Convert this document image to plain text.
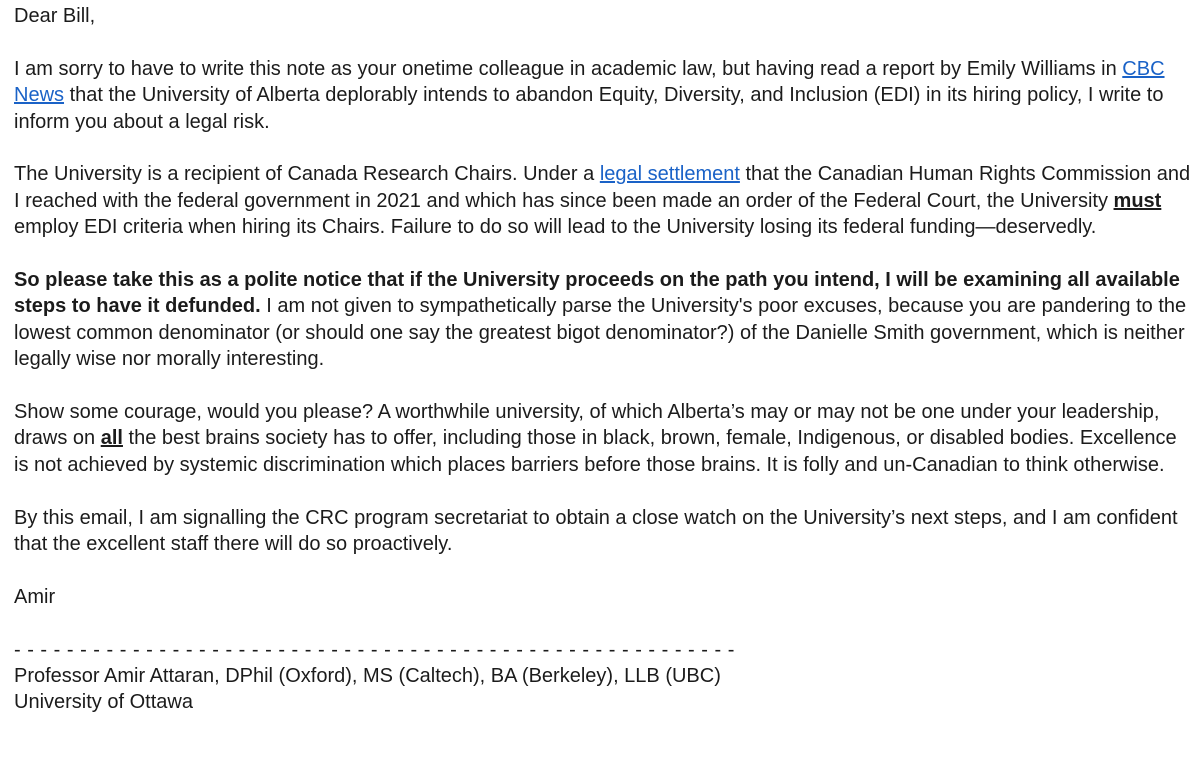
Dear Bill,

I am sorry to have to write this note as your onetime colleague in academic law, but having read a report by Emily Williams in CBC News that the University of Alberta deplorably intends to abandon Equity, Diversity, and Inclusion (EDI) in its hiring policy, I write to inform you about a legal risk.

The University is a recipient of Canada Research Chairs. Under a legal settlement that the Canadian Human Rights Commission and I reached with the federal government in 2021 and which has since been made an order of the Federal Court, the University must employ EDI criteria when hiring its Chairs. Failure to do so will lead to the University losing its federal funding—deservedly.

So please take this as a polite notice that if the University proceeds on the path you intend, I will be examining all available steps to have it defunded. I am not given to sympathetically parse the University's poor excuses, because you are pandering to the lowest common denominator (or should one say the greatest bigot denominator?) of the Danielle Smith government, which is neither legally wise nor morally interesting.

Show some courage, would you please? A worthwhile university, of which Alberta’s may or may not be one under your leadership, draws on all the best brains society has to offer, including those in black, brown, female, Indigenous, or disabled bodies. Excellence is not achieved by systemic discrimination which places barriers before those brains. It is folly and un-Canadian to think otherwise.

By this email, I am signalling the CRC program secretariat to obtain a close watch on the University’s next steps, and I am confident that the excellent staff there will do so proactively.

Amir

- - - - - - - - - - - - - - - - - - - - - - - - - - - - - - - - - - - - - - - - - - - - - - - - - - - - - - -

Professor Amir Attaran, DPhil (Oxford), MS (Caltech), BA (Berkeley), LLB (UBC)

University of Ottawa
